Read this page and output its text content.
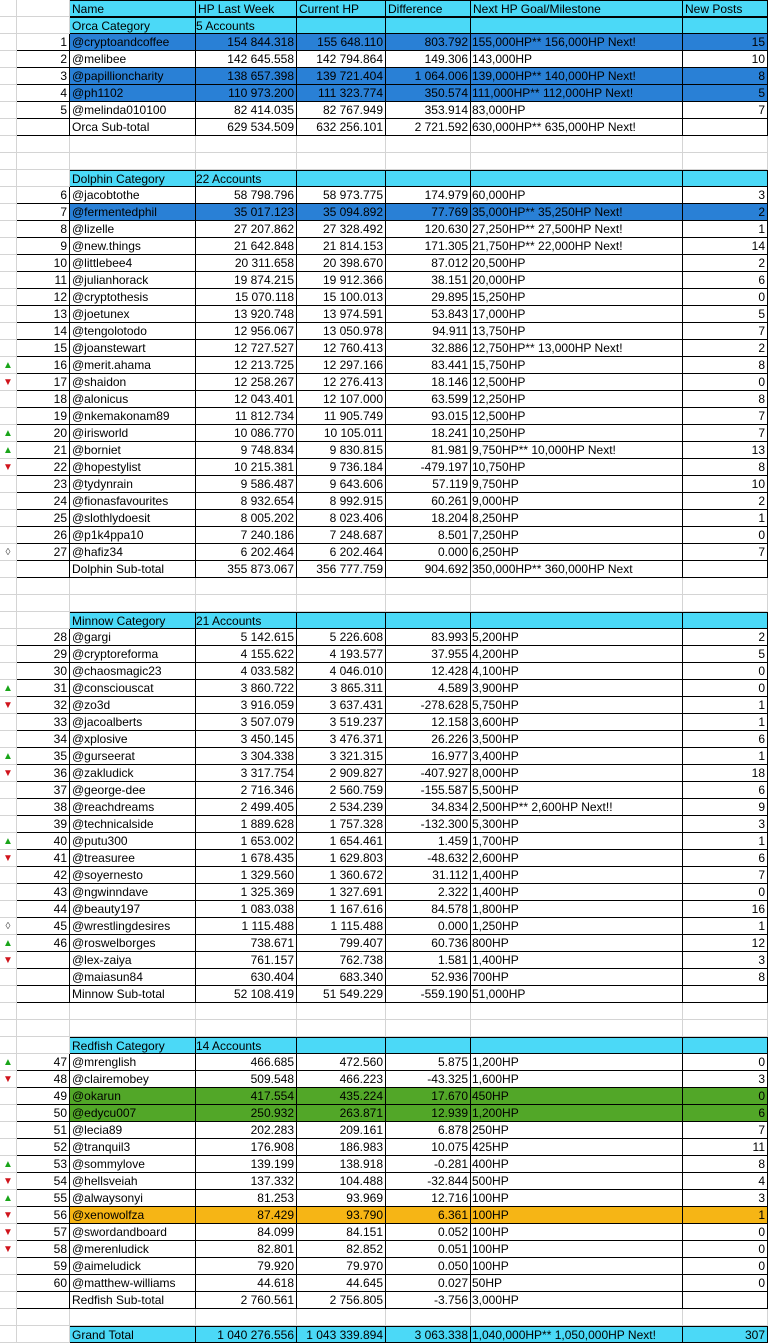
Name	HP Last Week	Current HP	Difference	Next HP Goal/Milestone	New Posts
Orca Category	5 Accounts
1 @cryptoandcoffee	154 844.318	155 648.110	803.792 155,000HP** 156,000HP Next!	15
2 @melibee	142 645.558	142 794.864	149.306 143,000HP	10
3 @papillioncharity	138 657.398	139 721.404	1 064.006 139,000HP** 140,000HP Next!	8
4 @ph1102	110 973.200	111 323.774	350.574 111,000HP** 112,000HP Next!	5
5 @melinda010100	82 414.035	82 767.949	353.914 83,000HP	7
Orca Sub-total	629 534.509	632 256.101	2 721.592 630,000HP** 635,000HP Next!
Dolphin Category	22 Accounts
6 @jacobtothe	58 798.796	58 973.775	174.979 60,000HP	3
7 @fermentedphil	35 017.123	35 094.892	77.769 35,000HP** 35,250HP Next!	2
8 @lizelle	27 207.862	27 328.492	120.630 27,250HP** 27,500HP Next!	1
9 @new.things	21 642.848	21 814.153	171.305 21,750HP** 22,000HP Next!	14
10 @littlebee4	20 311.658	20 398.670	87.012 20,500HP	2
11 @julianhorack	19 874.215	19 912.366	38.151 20,000HP	6
12 @cryptothesis	15 070.118	15 100.013	29.895 15,250HP	0
13 @joetunex	13 920.748	13 974.591	53.843 17,000HP	5
14 @tengolotodo	12 956.067	13 050.978	94.911 13,750HP	7
15 @joanstewart	12 727.527	12 760.413	32.886 12,750HP** 13,000HP Next!	2
▲	16 @merit.ahama	12 213.725	12 297.166	83.441 15,750HP	8
▼	17 @shaidon	12 258.267	12 276.413	18.146 12,500HP	0
18 @alonicus	12 043.401	12 107.000	63.599 12,250HP	8
19 @nkemakonam89	11 812.734	11 905.749	93.015 12,500HP	7
▲	20 @irisworld	10 086.770	10 105.011	18.241 10,250HP	7
▲	21 @borniet	9 748.834	9 830.815	81.981 9,750HP** 10,000HP Next!	13
▼	22 @hopestylist	10 215.381	9 736.184	-479.197 10,750HP	8
23 @tydynrain	9 586.487	9 643.606	57.119 9,750HP	10
24 @fionasfavourites	8 932.654	8 992.915	60.261 9,000HP	2
25 @slothlydoesit	8 005.202	8 023.406	18.204 8,250HP	1
26 @p1k4ppa10	7 240.186	7 248.687	8.501 7,250HP	0
◊	27 @hafiz34	6 202.464	6 202.464	0.000 6,250HP	7
Dolphin Sub-total	355 873.067	356 777.759	904.692 350,000HP** 360,000HP Next
Minnow Category	21 Accounts
28 @gargi	5 142.615	5 226.608	83.993 5,200HP	2
29 @cryptoreforma	4 155.622	4 193.577	37.955 4,200HP	5
30 @chaosmagic23	4 033.582	4 046.010	12.428 4,100HP	0
▲	31 @consciouscat	3 860.722	3 865.311	4.589 3,900HP	0
▼	32 @zo3d	3 916.059	3 637.431	-278.628 5,750HP	1
33 @jacoalberts	3 507.079	3 519.237	12.158 3,600HP	1
34 @xplosive	3 450.145	3 476.371	26.226 3,500HP	6
▲	35 @gurseerat	3 304.338	3 321.315	16.977 3,400HP	1
▼	36 @zakludick	3 317.754	2 909.827	-407.927 8,000HP	18
37 @george-dee	2 716.346	2 560.759	-155.587 5,500HP	6
38 @reachdreams	2 499.405	2 534.239	34.834 2,500HP** 2,600HP Next!!	9
39 @technicalside	1 889.628	1 757.328	-132.300 5,300HP	3
▲	40 @putu300	1 653.002	1 654.461	1.459 1,700HP	1
▼	41 @treasuree	1 678.435	1 629.803	-48.632 2,600HP	6
42 @soyernesto	1 329.560	1 360.672	31.112 1,400HP	7
43 @ngwinndave	1 325.369	1 327.691	2.322 1,400HP	0
44 @beauty197	1 083.038	1 167.616	84.578 1,800HP	16
◊	45 @wrestlingdesires	1 115.488	1 115.488	0.000 1,250HP	1
▲	46 @roswelborges	738.671	799.407	60.736 800HP	12
▼	@lex-zaiya	761.157	762.738	1.581 1,400HP	3
@maiasun84	630.404	683.340	52.936 700HP	8
Minnow Sub-total	52 108.419	51 549.229	-559.190 51,000HP
Redfish Category	14 Accounts
▲	47 @mrenglish	466.685	472.560	5.875 1,200HP	0
▼	48 @clairemobey	509.548	466.223	-43.325 1,600HP	3
49 @okarun	417.554	435.224	17.670 450HP	0
50 @edycu007	250.932	263.871	12.939 1,200HP	6
51 @lecia89	202.283	209.161	6.878 250HP	7
52 @tranquil3	176.908	186.983	10.075 425HP	11
▲	53 @sommylove	139.199	138.918	-0.281 400HP	8
▼	54 @hellsveiah	137.332	104.488	-32.844 500HP	4
▲	55 @alwaysonyi	81.253	93.969	12.716 100HP	3
▼	56 @xenowolfza	87.429	93.790	6.361 100HP	1
▼	57 @swordandboard	84.099	84.151	0.052 100HP	0
▼	58 @merenludick	82.801	82.852	0.051 100HP	0
59 @aimeludick	79.920	79.970	0.050 100HP	0
60 @matthew-williams	44.618	44.645	0.027 50HP	0
Redfish Sub-total	2 760.561	2 756.805	-3.756 3,000HP
Grand Total	1 040 276.556	1 043 339.894	3 063.338 1,040,000HP** 1,050,000HP Next!	307
